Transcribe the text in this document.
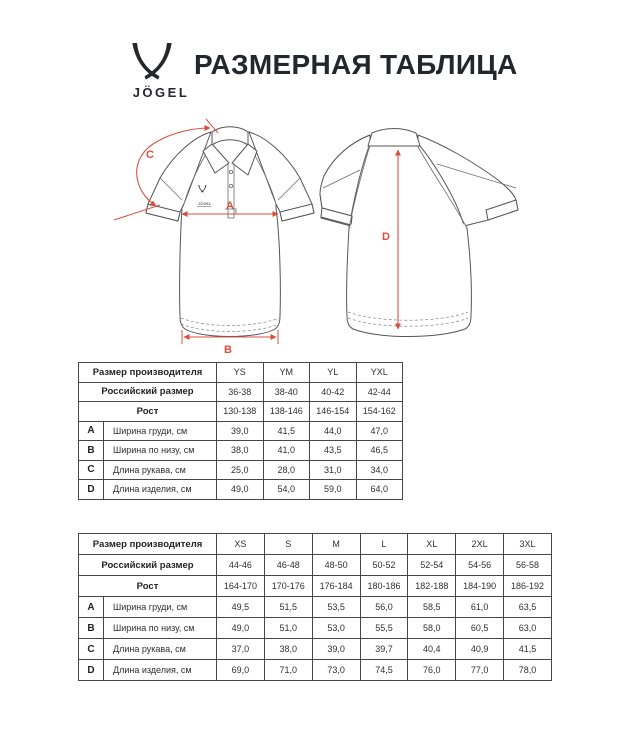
JÖGEL
РАЗМЕРНАЯ ТАБЛИЦА
JÖGEL A
B
C
D
Размер производителя		YS	YM	YL	YXL
Российский размер		36-38	38-40	40-42	42-44
Рост		130-138	138-146	146-154	154-162
A	Ширина груди, см	39,0	41,5	44,0	47,0
B	Ширина по низу, см	38,0	41,0	43,5	46,5
C	Длина рукава, см	25,0	28,0	31,0	34,0
D	Длина изделия, см	49,0	54,0	59,0	64,0
Размер производителя		XS	S	M	L	XL	2XL	3XL
Российский размер		44-46	46-48	48-50	50-52	52-54	54-56	56-58
Рост		164-170	170-176	176-184	180-186	182-188	184-190	186-192
A	Ширина груди, см	49,5	51,5	53,5	56,0	58,5	61,0	63,5
B	Ширина по низу, см	49,0	51,0	53,0	55,5	58,0	60,5	63,0
C	Длина рукава, см	37,0	38,0	39,0	39,7	40,4	40,9	41,5
D	Длина изделия, см	69,0	71,0	73,0	74,5	76,0	77,0	78,0
